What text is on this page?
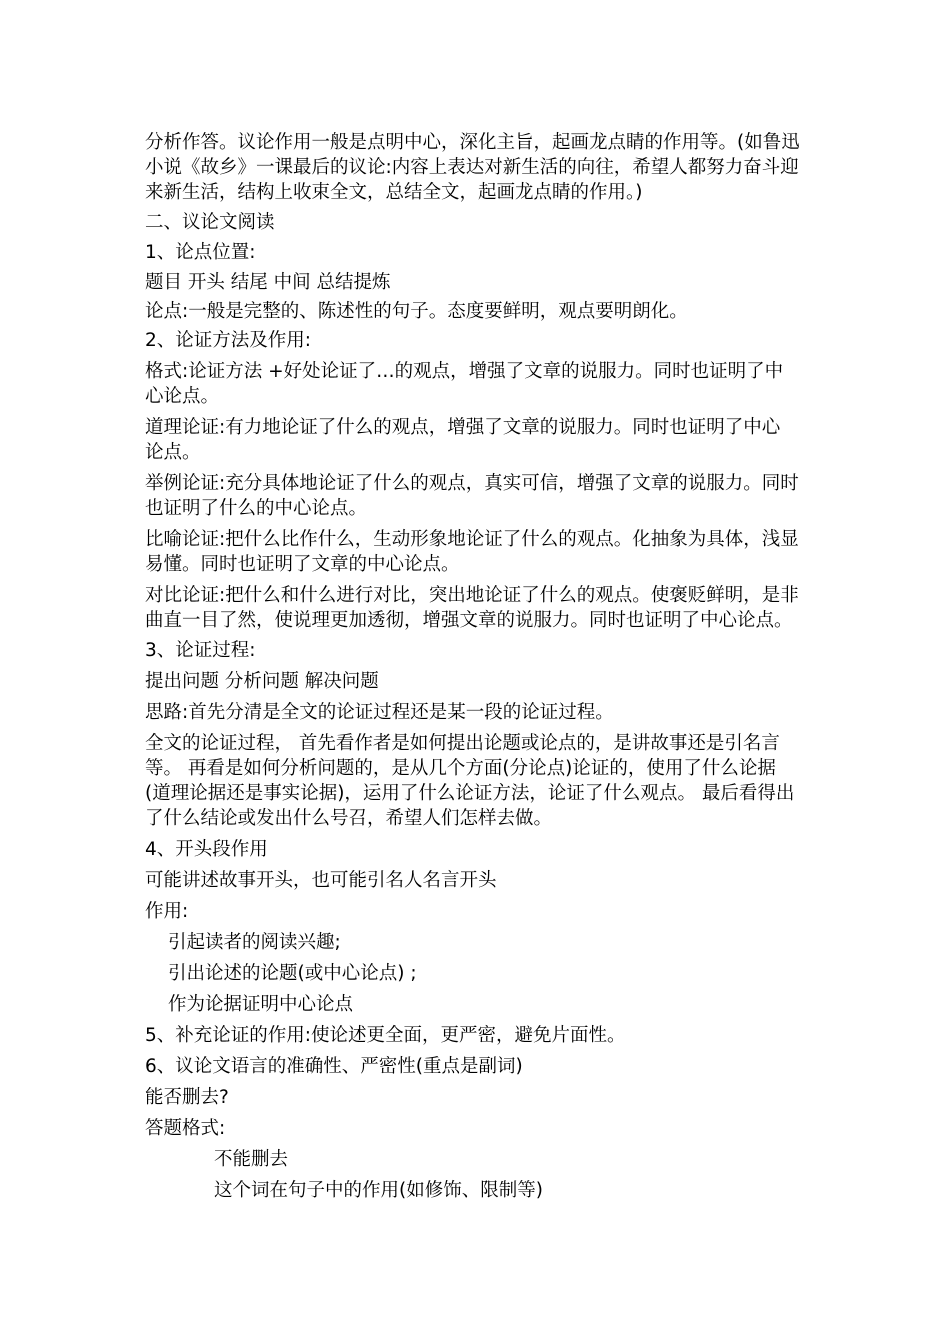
分析作答。议论作用一般是点明中心，深化主旨，起画龙点睛的作用等。(如鲁迅

小说《故乡》一课最后的议论:内容上表达对新生活的向往，希望人都努力奋斗迎

来新生活，结构上收束全文，总结全文，起画龙点睛的作用。)

二、议论文阅读

1、论点位置:

题目 开头 结尾 中间 总结提炼

论点:一般是完整的、陈述性的句子。态度要鲜明，观点要明朗化。

2、论证方法及作用:

格式:论证方法 +好处论证了…的观点，增强了文章的说服力。同时也证明了中

心论点。

道理论证:有力地论证了什么的观点，增强了文章的说服力。同时也证明了中心

论点。

举例论证:充分具体地论证了什么的观点，真实可信，增强了文章的说服力。同时

也证明了什么的中心论点。

比喻论证:把什么比作什么，生动形象地论证了什么的观点。化抽象为具体，浅显

易懂。同时也证明了文章的中心论点。

对比论证:把什么和什么进行对比，突出地论证了什么的观点。使褒贬鲜明，是非

曲直一目了然，使说理更加透彻，增强文章的说服力。同时也证明了中心论点。

3、论证过程:

提出问题 分析问题 解决问题

思路:首先分清是全文的论证过程还是某一段的论证过程。

全文的论证过程， 首先看作者是如何提出论题或论点的，是讲故事还是引名言

等。 再看是如何分析问题的，是从几个方面(分论点)论证的，使用了什么论据

(道理论据还是事实论据)，运用了什么论证方法，论证了什么观点。 最后看得出

了什么结论或发出什么号召，希望人们怎样去做。

4、开头段作用

可能讲述故事开头，也可能引名人名言开头

作用:

引起读者的阅读兴趣;

引出论述的论题(或中心论点) ;

作为论据证明中心论点

5、补充论证的作用:使论述更全面，更严密，避免片面性。

6、议论文语言的准确性、严密性(重点是副词)

能否删去?

答题格式:

不能删去

这个词在句子中的作用(如修饰、限制等)
